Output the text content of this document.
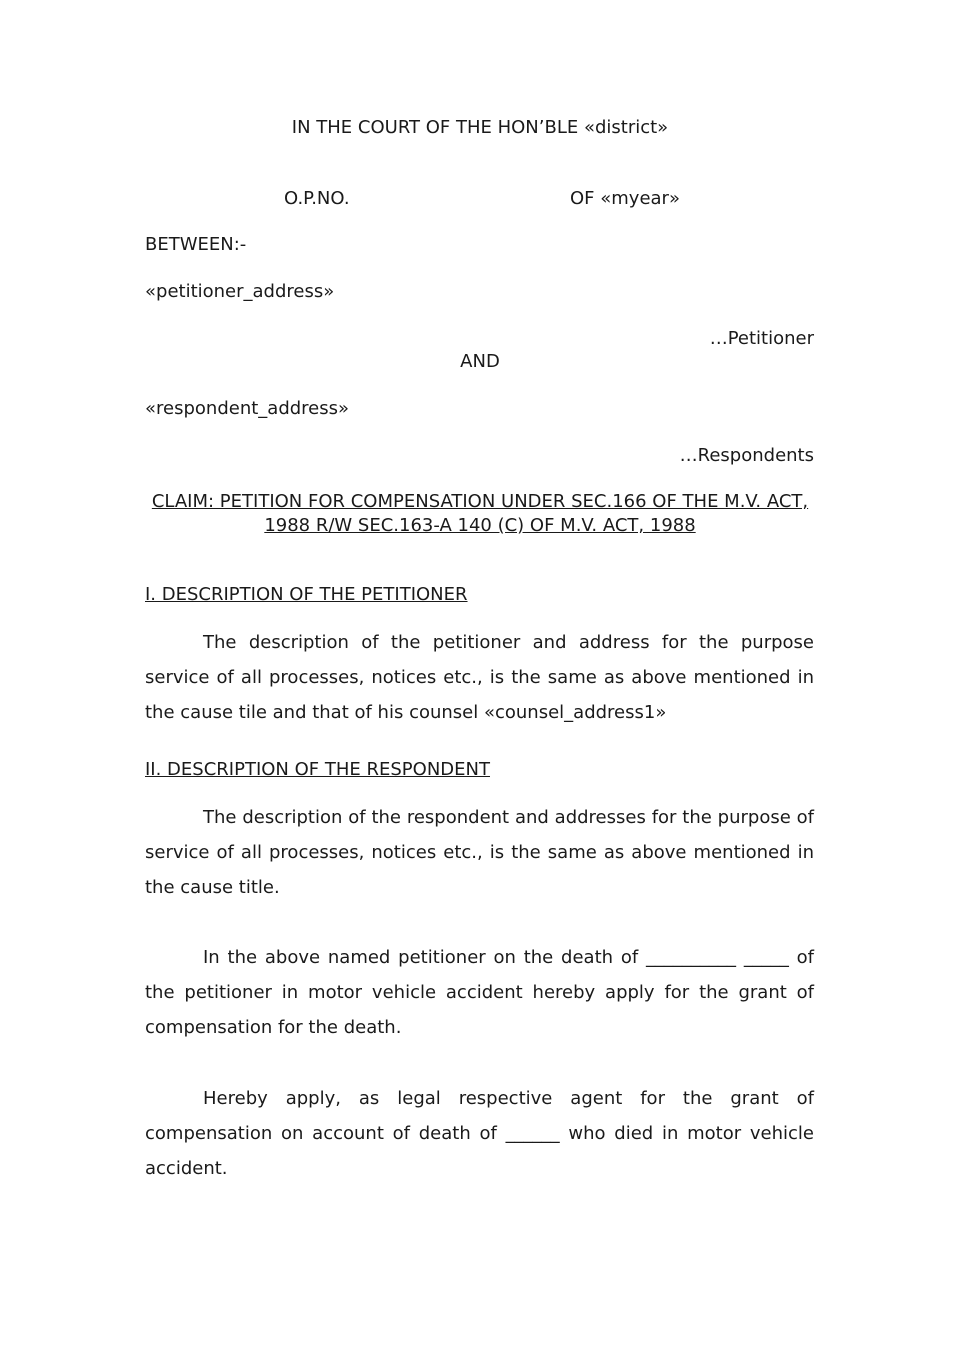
IN THE COURT OF THE HON’BLE «district»
O.P.NO.	OF «myear»
BETWEEN:-
«petitioner_address»
…Petitioner
AND
«respondent_address»
…Respondents
CLAIM: PETITION FOR COMPENSATION UNDER SEC.166 OF THE M.V. ACT,
1988 R/W SEC.163-A 140 (C) OF M.V. ACT, 1988
I. DESCRIPTION OF THE PETITIONER

The description of the petitioner and address for the purpose service of all processes, notices etc., is the same as above mentioned in the cause tile and that of his counsel «counsel_address1»

II. DESCRIPTION OF THE RESPONDENT

The description of the respondent and addresses for the purpose of service of all processes, notices etc., is the same as above mentioned in the cause title.

In the above named petitioner on the death of __________ _____ of the petitioner in motor vehicle accident hereby apply for the grant of compensation for the death.

Hereby apply, as legal respective agent for the grant of compensation on account of death of ______ who died in motor vehicle accident.
